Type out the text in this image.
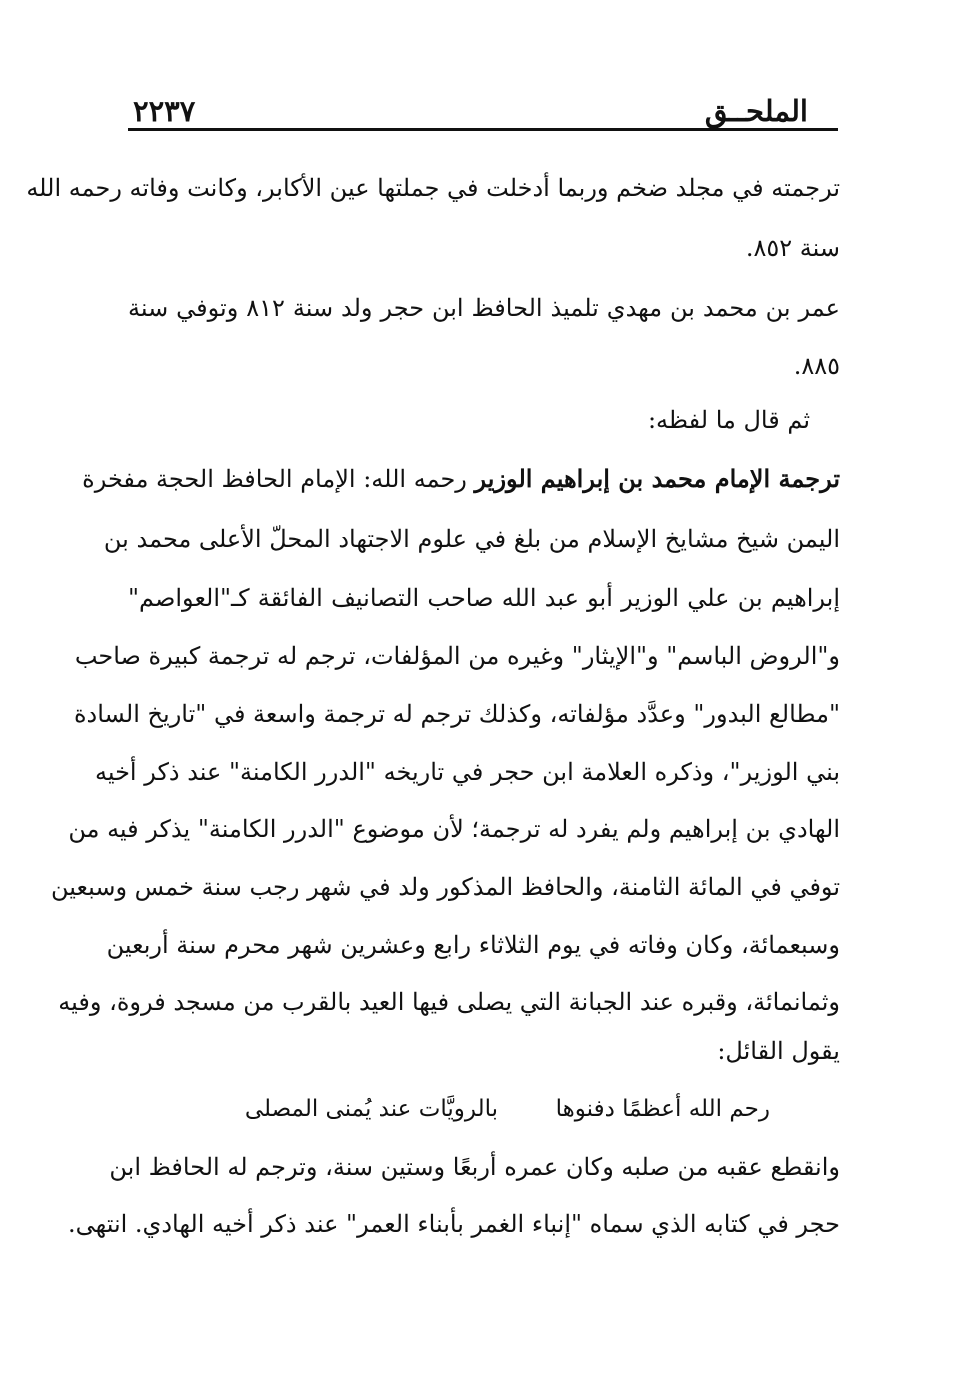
الملحــق
٢٢٣٧
ترجمته في مجلد ضخم وربما أدخلت في جملتها عين الأكابر، وكانت وفاته رحمه الله
سنة ٨٥٢.
عمر بن محمد بن مهدي تلميذ الحافظ ابن حجر ولد سنة ٨١٢ وتوفي سنة
٨٨٥.
ثم قال ما لفظه:
ترجمة الإمام محمد بن إبراهيم الوزير رحمه الله: الإمام الحافظ الحجة مفخرة
اليمن شيخ مشايخ الإسلام من بلغ في علوم الاجتهاد المحلّ الأعلى محمد بن
إبراهيم بن علي الوزير أبو عبد الله صاحب التصانيف الفائقة كـ"العواصم"
و"الروض الباسم" و"الإيثار" وغيره من المؤلفات، ترجم له ترجمة كبيرة صاحب
"مطالع البدور" وعدَّد مؤلفاته، وكذلك ترجم له ترجمة واسعة في "تاريخ السادة
بني الوزير"، وذكره العلامة ابن حجر في تاريخه "الدرر الكامنة" عند ذكر أخيه
الهادي بن إبراهيم ولم يفرد له ترجمة؛ لأن موضوع "الدرر الكامنة" يذكر فيه من
توفي في المائة الثامنة، والحافظ المذكور ولد في شهر رجب سنة خمس وسبعين
وسبعمائة، وكان وفاته في يوم الثلاثاء رابع وعشرين شهر محرم سنة أربعين
وثمانمائة، وقبره عند الجبانة التي يصلى فيها العيد بالقرب من مسجد فروة، وفيه
يقول القائل:
رحم الله أعظمًا دفنوها
بالرويَّات عند يُمنى المصلى
وانقطع عقبه من صلبه وكان عمره أربعًا وستين سنة، وترجم له الحافظ ابن
حجر في كتابه الذي سماه "إنباء الغمر بأبناء العمر" عند ذكر أخيه الهادي. انتهى.
